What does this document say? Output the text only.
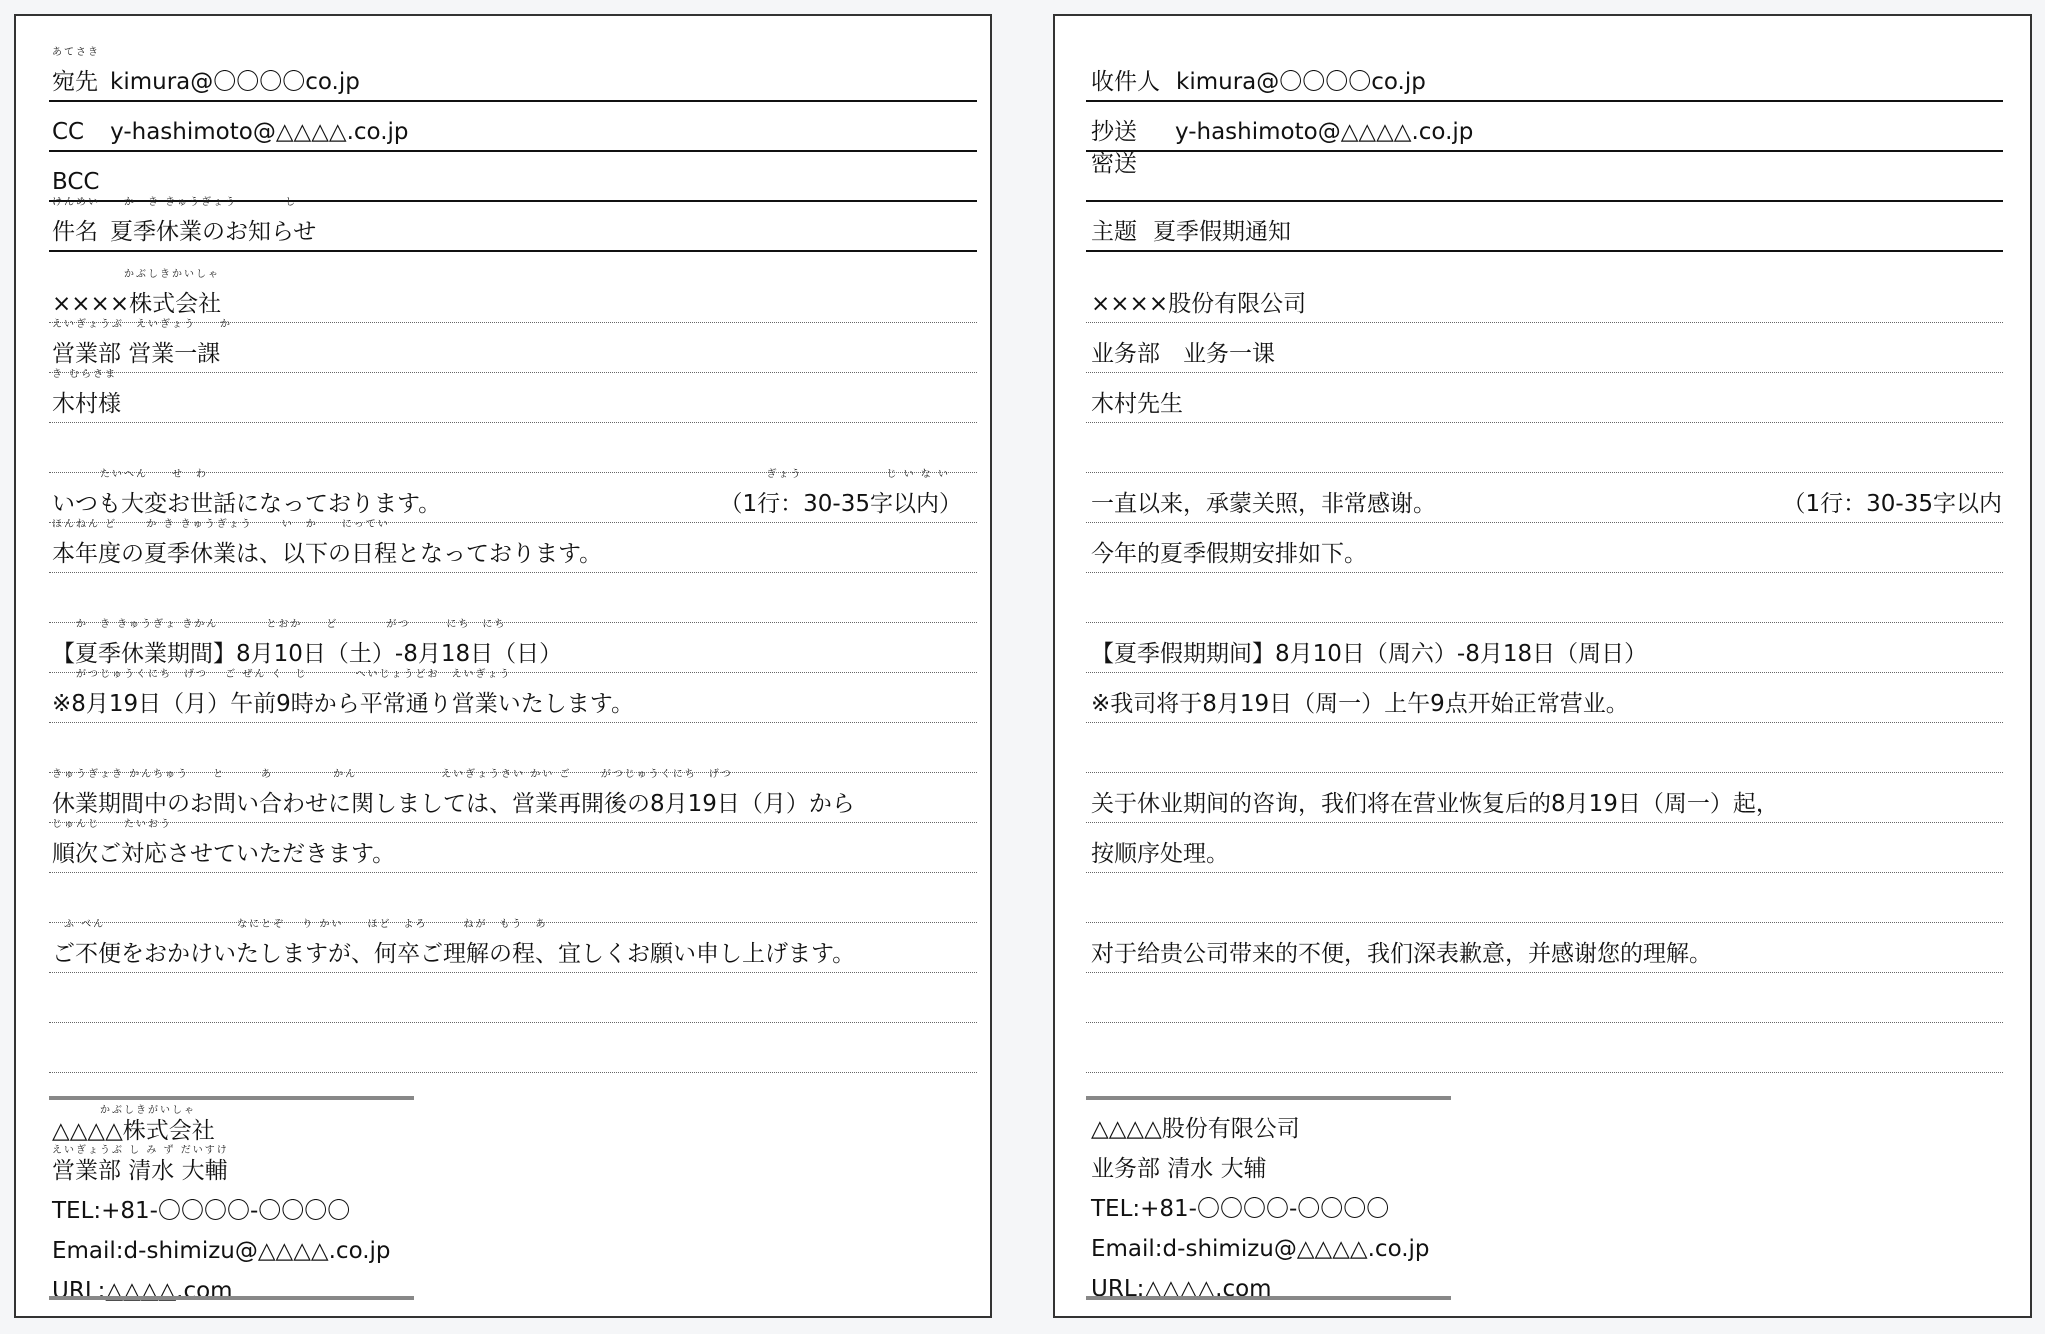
あてさき
宛先 kimura@〇〇〇〇co.jp
CC y-hashimoto@△△△△.co.jp
BCC
けんめい　　か　き きゅうぎょう　　　　し
件名 夏季休業のお知らせ
　　　　　　かぶしきかいしゃ
××××株式会社
えいぎょうぶ　えいぎょう　　か
営業部 営業一課
き むらさま
木村様
　　　　たいへん　　せ　わ
いつも大変お世話になっております。	（1行：30-35字以内）
ぎょう　　　　　　　じ い な い
ほんねん ど　　 か き きゅうぎょう　　 い　か　　にってい
本年度の夏季休業は、以下の日程となっております。
　　か　き きゅうぎょ きかん　　　　とおか　　ど　　　　がつ　　　にち　にち
【夏季休業期間】8月10日（土）-8月18日（日）
　　がつじゅうくにち　げつ　 ご ぜん く　じ　　　　へいじょうどお　えいぎょう
※8月19日（月）午前9時から平常通り営業いたします。
きゅうぎょき かんちゅう　　と　　　あ　　　　　かん　　　　　　　えいぎょうさい かい ご　　 がつじゅうくにち　げつ
休業期間中のお問い合わせに関しましては、営業再開後の8月19日（月）から
じゅんじ　　たいおう
順次ご対応させていただきます。
　ふ べん　　　　　　　　　　　なにとぞ　 り かい　　ほど　よろ　　　ねが　もう　あ
ご不便をおかけいたしますが、何卒ご理解の程、宜しくお願い申し上げます。
　　　　かぶしきがいしゃ
△△△△株式会社
えいぎょうぶ し み ず だいすけ
営業部 清水 大輔
TEL:+81-〇〇〇〇-〇〇〇〇
Email:d-shimizu@△△△△.co.jp
URL:△△△△.com
收件人 kimura@〇〇〇〇co.jp
抄送 y-hashimoto@△△△△.co.jp
密送
主题 夏季假期通知
××××股份有限公司
业务部　业务一课
木村先生
一直以来，承蒙关照，非常感谢。	（1行：30-35字以内
今年的夏季假期安排如下。
【夏季假期期间】8月10日（周六）-8月18日（周日）
※我司将于8月19日（周一）上午9点开始正常营业。
关于休业期间的咨询，我们将在营业恢复后的8月19日（周一）起，
按顺序处理。
对于给贵公司带来的不便，我们深表歉意，并感谢您的理解。
△△△△股份有限公司
业务部 清水 大辅
TEL:+81-〇〇〇〇-〇〇〇〇
Email:d-shimizu@△△△△.co.jp
URL:△△△△.com
